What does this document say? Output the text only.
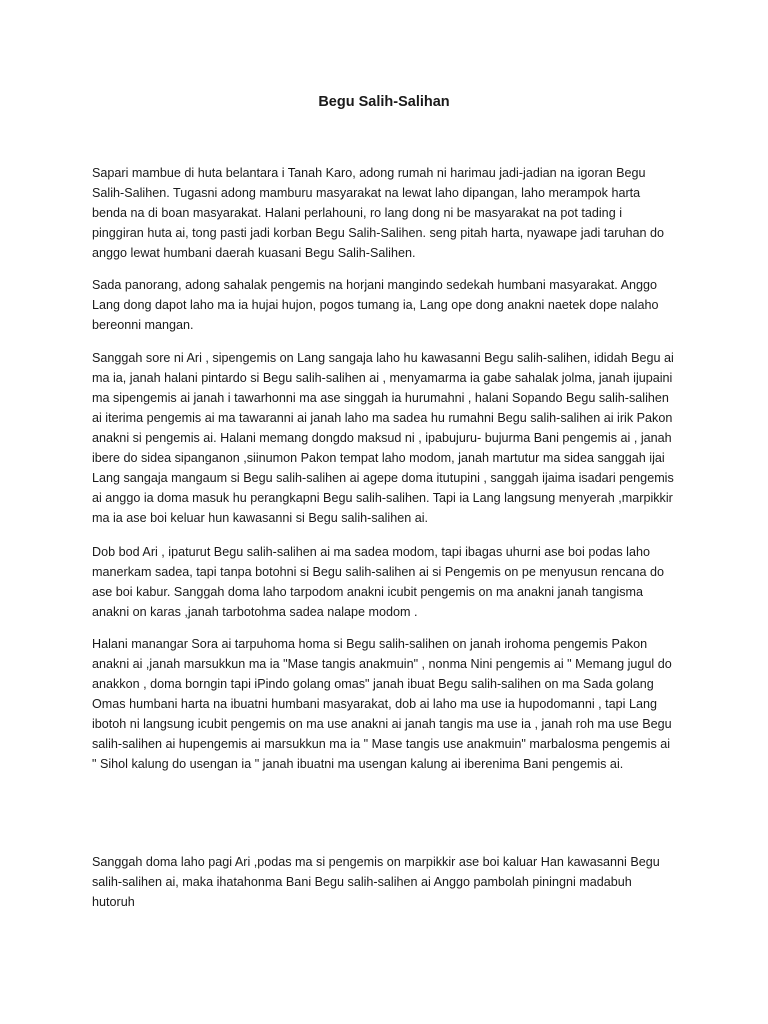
Begu Salih-Salihan

Sapari mambue di huta belantara i Tanah Karo, adong rumah ni harimau jadi-jadian na igoran Begu Salih-Salihen. Tugasni adong mamburu masyarakat na lewat laho dipangan, laho merampok harta benda na di boan masyarakat. Halani perlahouni, ro lang dong ni be masyarakat na pot tading i pinggiran huta ai, tong pasti jadi korban Begu Salih-Salihen. seng pitah harta, nyawape jadi taruhan do anggo lewat humbani daerah kuasani Begu Salih-Salihen.

Sada panorang, adong sahalak pengemis na horjani mangindo sedekah humbani masyarakat. Anggo Lang dong dapot laho ma ia hujai hujon, pogos tumang ia, Lang ope dong anakni naetek dope nalaho bereonni mangan.

Sanggah sore ni Ari , sipengemis on Lang sangaja laho hu kawasanni Begu salih-salihen, ididah Begu ai ma ia, janah halani pintardo si Begu salih-salihen ai , menyamarma ia gabe sahalak jolma, janah ijupaini ma sipengemis ai janah i tawarhonni ma ase singgah ia hurumahni , halani Sopando Begu salih-salihen ai iterima pengemis ai ma tawaranni ai janah laho ma sadea hu rumahni Begu salih-salihen ai irik Pakon anakni si pengemis ai. Halani memang dongdo maksud ni , ipabujuru- bujurma Bani pengemis ai , janah ibere do sidea sipanganon ,siinumon Pakon tempat laho modom, janah martutur ma sidea sanggah ijai Lang sangaja mangaum si Begu salih-salihen ai agepe doma itutupini , sanggah ijaima isadari pengemis ai anggo ia doma masuk hu perangkapni Begu salih-salihen. Tapi ia Lang langsung menyerah ,marpikkir ma ia ase boi keluar hun kawasanni si Begu salih-salihen ai.

Dob bod Ari , ipaturut Begu salih-salihen ai ma sadea modom, tapi ibagas uhurni ase boi podas laho manerkam sadea, tapi tanpa botohni si Begu salih-salihen ai si Pengemis on pe menyusun rencana do ase boi kabur. Sanggah doma laho tarpodom anakni icubit pengemis on ma anakni janah tangisma anakni on karas ,janah tarbotohma sadea nalape modom .

Halani manangar Sora ai tarpuhoma homa si Begu salih-salihen on janah irohoma pengemis Pakon anakni ai ,janah marsukkun ma ia "Mase tangis anakmuin" , nonma Nini pengemis ai " Memang jugul do anakkon , doma borngin tapi iPindo golang omas" janah ibuat Begu salih-salihen on ma Sada golang Omas humbani harta na ibuatni humbani masyarakat, dob ai laho ma use ia hupodomanni , tapi Lang ibotoh ni langsung icubit pengemis on ma use anakni ai janah tangis ma use ia , janah roh ma use Begu salih-salihen ai hupengemis ai marsukkun ma ia " Mase tangis use anakmuin" marbalosma pengemis ai " Sihol kalung do usengan ia " janah ibuatni ma usengan kalung ai iberenima Bani pengemis ai.

Sanggah doma laho pagi Ari ,podas ma si pengemis on marpikkir ase boi kaluar Han kawasanni Begu salih-salihen ai, maka ihatahonma Bani Begu salih-salihen ai Anggo pambolah piningni madabuh hutoruh
